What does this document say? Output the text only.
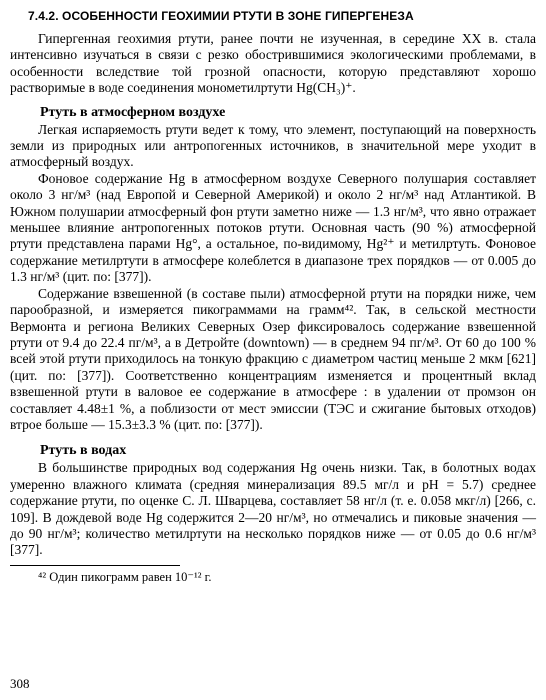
7.4.2. ОСОБЕННОСТИ ГЕОХИМИИ РТУТИ В ЗОНЕ ГИПЕРГЕНЕЗА

Гипергенная геохимия ртути, ранее почти не изученная, в середине XX в. стала интенсивно изучаться в связи с резко обострившимися экологическими проблемами, в особенности вследствие той грозной опасности, которую представляют хорошо растворимые в воде соединения монометилртути Hg(CH₃)⁺.

Ртуть в атмосферном воздухе

Легкая испаряемость ртути ведет к тому, что элемент, поступающий на поверхность земли из природных или антропогенных источников, в значительной мере уходит в атмосферный воздух.

Фоновое содержание Hg в атмосферном воздухе Северного полушария составляет около 3 нг/м³ (над Европой и Северной Америкой) и около 2 нг/м³ над Атлантикой. В Южном полушарии атмосферный фон ртути заметно ниже — 1.3 нг/м³, что явно отражает меньшее влияние антропогенных потоков ртути. Основная часть (90 %) атмосферной ртути представлена парами Hg°, а остальное, по-видимому, Hg²⁺ и метилртуть. Фоновое содержание метилртути в атмосфере колеблется в диапазоне трех порядков — от 0.005 до 1.3 нг/м³ (цит. по: [377]).

Содержание взвешенной (в составе пыли) атмосферной ртути на порядки ниже, чем парообразной, и измеряется пикограммами на грамм⁴². Так, в сельской местности Вермонта и региона Великих Северных Озер фиксировалось содержание взвешенной ртути от 9.4 до 22.4 пг/м³, а в Детройте (downtown) — в среднем 94 пг/м³. От 60 до 100 % всей этой ртути приходилось на тонкую фракцию с диаметром частиц меньше 2 мкм [621] (цит. по: [377]). Соответственно концентрациям изменяется и процентный вклад взвешенной ртути в валовое ее содержание в атмосфере : в удалении от промзон он составляет 4.48±1 %, а поблизости от мест эмиссии (ТЭС и сжигание бытовых отходов) втрое больше — 15.3±3.3 % (цит. по: [377]).

Ртуть в водах

В большинстве природных вод содержания Hg очень низки. Так, в болотных водах умеренно влажного климата (средняя минерализация 89.5 мг/л и pH = 5.7) среднее содержание ртути, по оценке С. Л. Шварцева, составляет 58 нг/л (т. е. 0.058 мкг/л) [266, с. 109]. В дождевой воде Hg содержится 2—20 нг/м³, но отмечались и пиковые значения — до 90 нг/м³; количество метилртути на несколько порядков ниже — от 0.05 до 0.6 нг/м³ [377].

⁴² Один пикограмм равен 10⁻¹² г.
308
